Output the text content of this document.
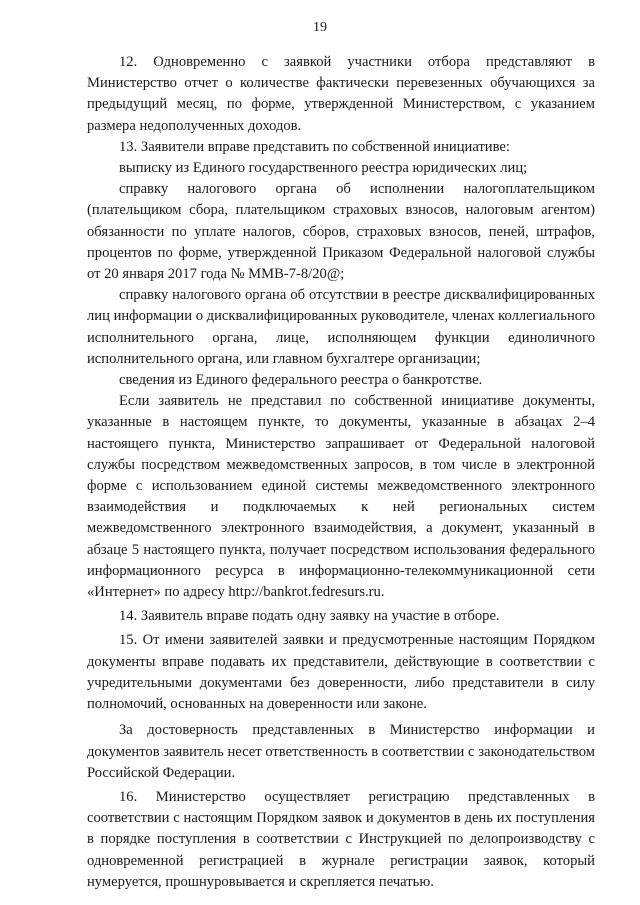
19

12. Одновременно с заявкой участники отбора представляют в Министерство отчет о количестве фактически перевезенных обучающихся за предыдущий месяц, по форме, утвержденной Министерством, с указанием размера недополученных доходов.

13. Заявители вправе представить по собственной инициативе:

выписку из Единого государственного реестра юридических лиц;

справку налогового органа об исполнении налогоплательщиком (плательщиком сбора, плательщиком страховых взносов, налоговым агентом) обязанности по уплате налогов, сборов, страховых взносов, пеней, штрафов, процентов по форме, утвержденной Приказом Федеральной налоговой службы от 20 января 2017 года № ММВ-7-8/20@;

справку налогового органа об отсутствии в реестре дисквалифицированных лиц информации о дисквалифицированных руководителе, членах коллегиального исполнительного органа, лице, исполняющем функции единоличного исполнительного органа, или главном бухгалтере организации;

сведения из Единого федерального реестра о банкротстве.

Если заявитель не представил по собственной инициативе документы, указанные в настоящем пункте, то документы, указанные в абзацах 2–4 настоящего пункта, Министерство запрашивает от Федеральной налоговой службы посредством межведомственных запросов, в том числе в электронной форме с использованием единой системы межведомственного электронного взаимодействия и подключаемых к ней региональных систем межведомственного электронного взаимодействия, а документ, указанный в абзаце 5 настоящего пункта, получает посредством использования федерального информационного ресурса в информационно-телекоммуникационной сети «Интернет» по адресу http://bankrot.fedresurs.ru.

14. Заявитель вправе подать одну заявку на участие в отборе.

15. От имени заявителей заявки и предусмотренные настоящим Порядком документы вправе подавать их представители, действующие в соответствии с учредительными документами без доверенности, либо представители в силу полномочий, основанных на доверенности или законе.

За достоверность представленных в Министерство информации и документов заявитель несет ответственность в соответствии с законодательством Российской Федерации.

16. Министерство осуществляет регистрацию представленных в соответствии с настоящим Порядком заявок и документов в день их поступления в порядке поступления в соответствии с Инструкцией по делопроизводству с одновременной регистрацией в журнале регистрации заявок, который нумеруется, прошнуровывается и скрепляется печатью.
